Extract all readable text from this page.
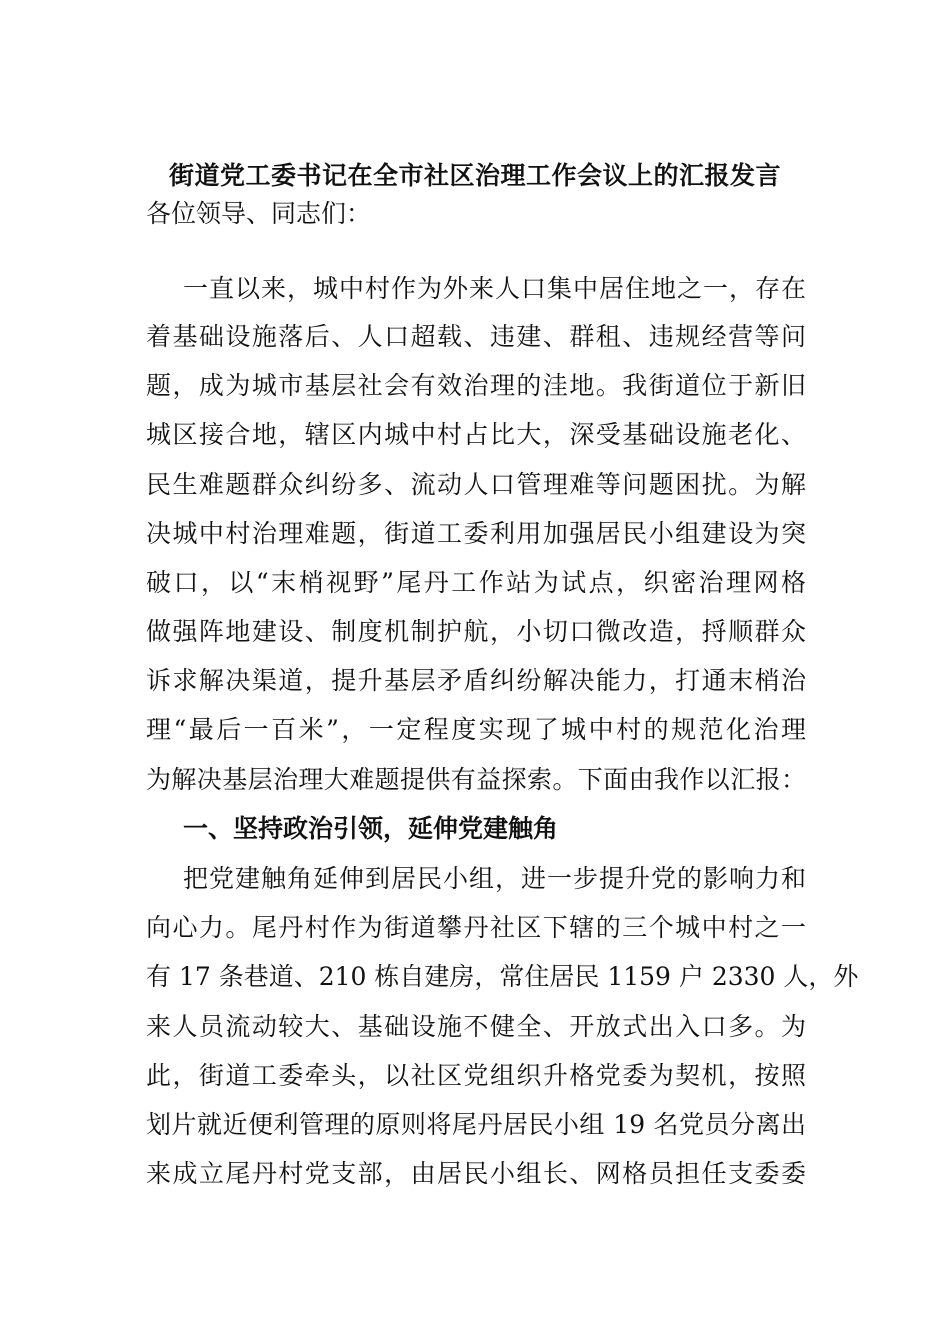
街道党工委书记在全市社区治理工作会议上的汇报发言

各位领导、同志们：

一直以来，城中村作为外来人口集中居住地之一，存在

着基础设施落后、人口超载、违建、群租、违规经营等问

题，成为城市基层社会有效治理的洼地。我街道位于新旧

城区接合地，辖区内城中村占比大，深受基础设施老化、

民生难题群众纠纷多、流动人口管理难等问题困扰。为解

决城中村治理难题，街道工委利用加强居民小组建设为突

破口，以“末梢视野”尾丹工作站为试点，织密治理网格

做强阵地建设、制度机制护航，小切口微改造，捋顺群众

诉求解决渠道，提升基层矛盾纠纷解决能力，打通末梢治

理“最后一百米”，一定程度实现了城中村的规范化治理

为解决基层治理大难题提供有益探索。下面由我作以汇报：

一、坚持政治引领，延伸党建触角

把党建触角延伸到居民小组，进一步提升党的影响力和

向心力。尾丹村作为街道攀丹社区下辖的三个城中村之一

有 17 条巷道、210 栋自建房，常住居民 1159 户 2330 人，外

来人员流动较大、基础设施不健全、开放式出入口多。为

此，街道工委牵头，以社区党组织升格党委为契机，按照

划片就近便利管理的原则将尾丹居民小组 19 名党员分离出

来成立尾丹村党支部，由居民小组长、网格员担任支委委
